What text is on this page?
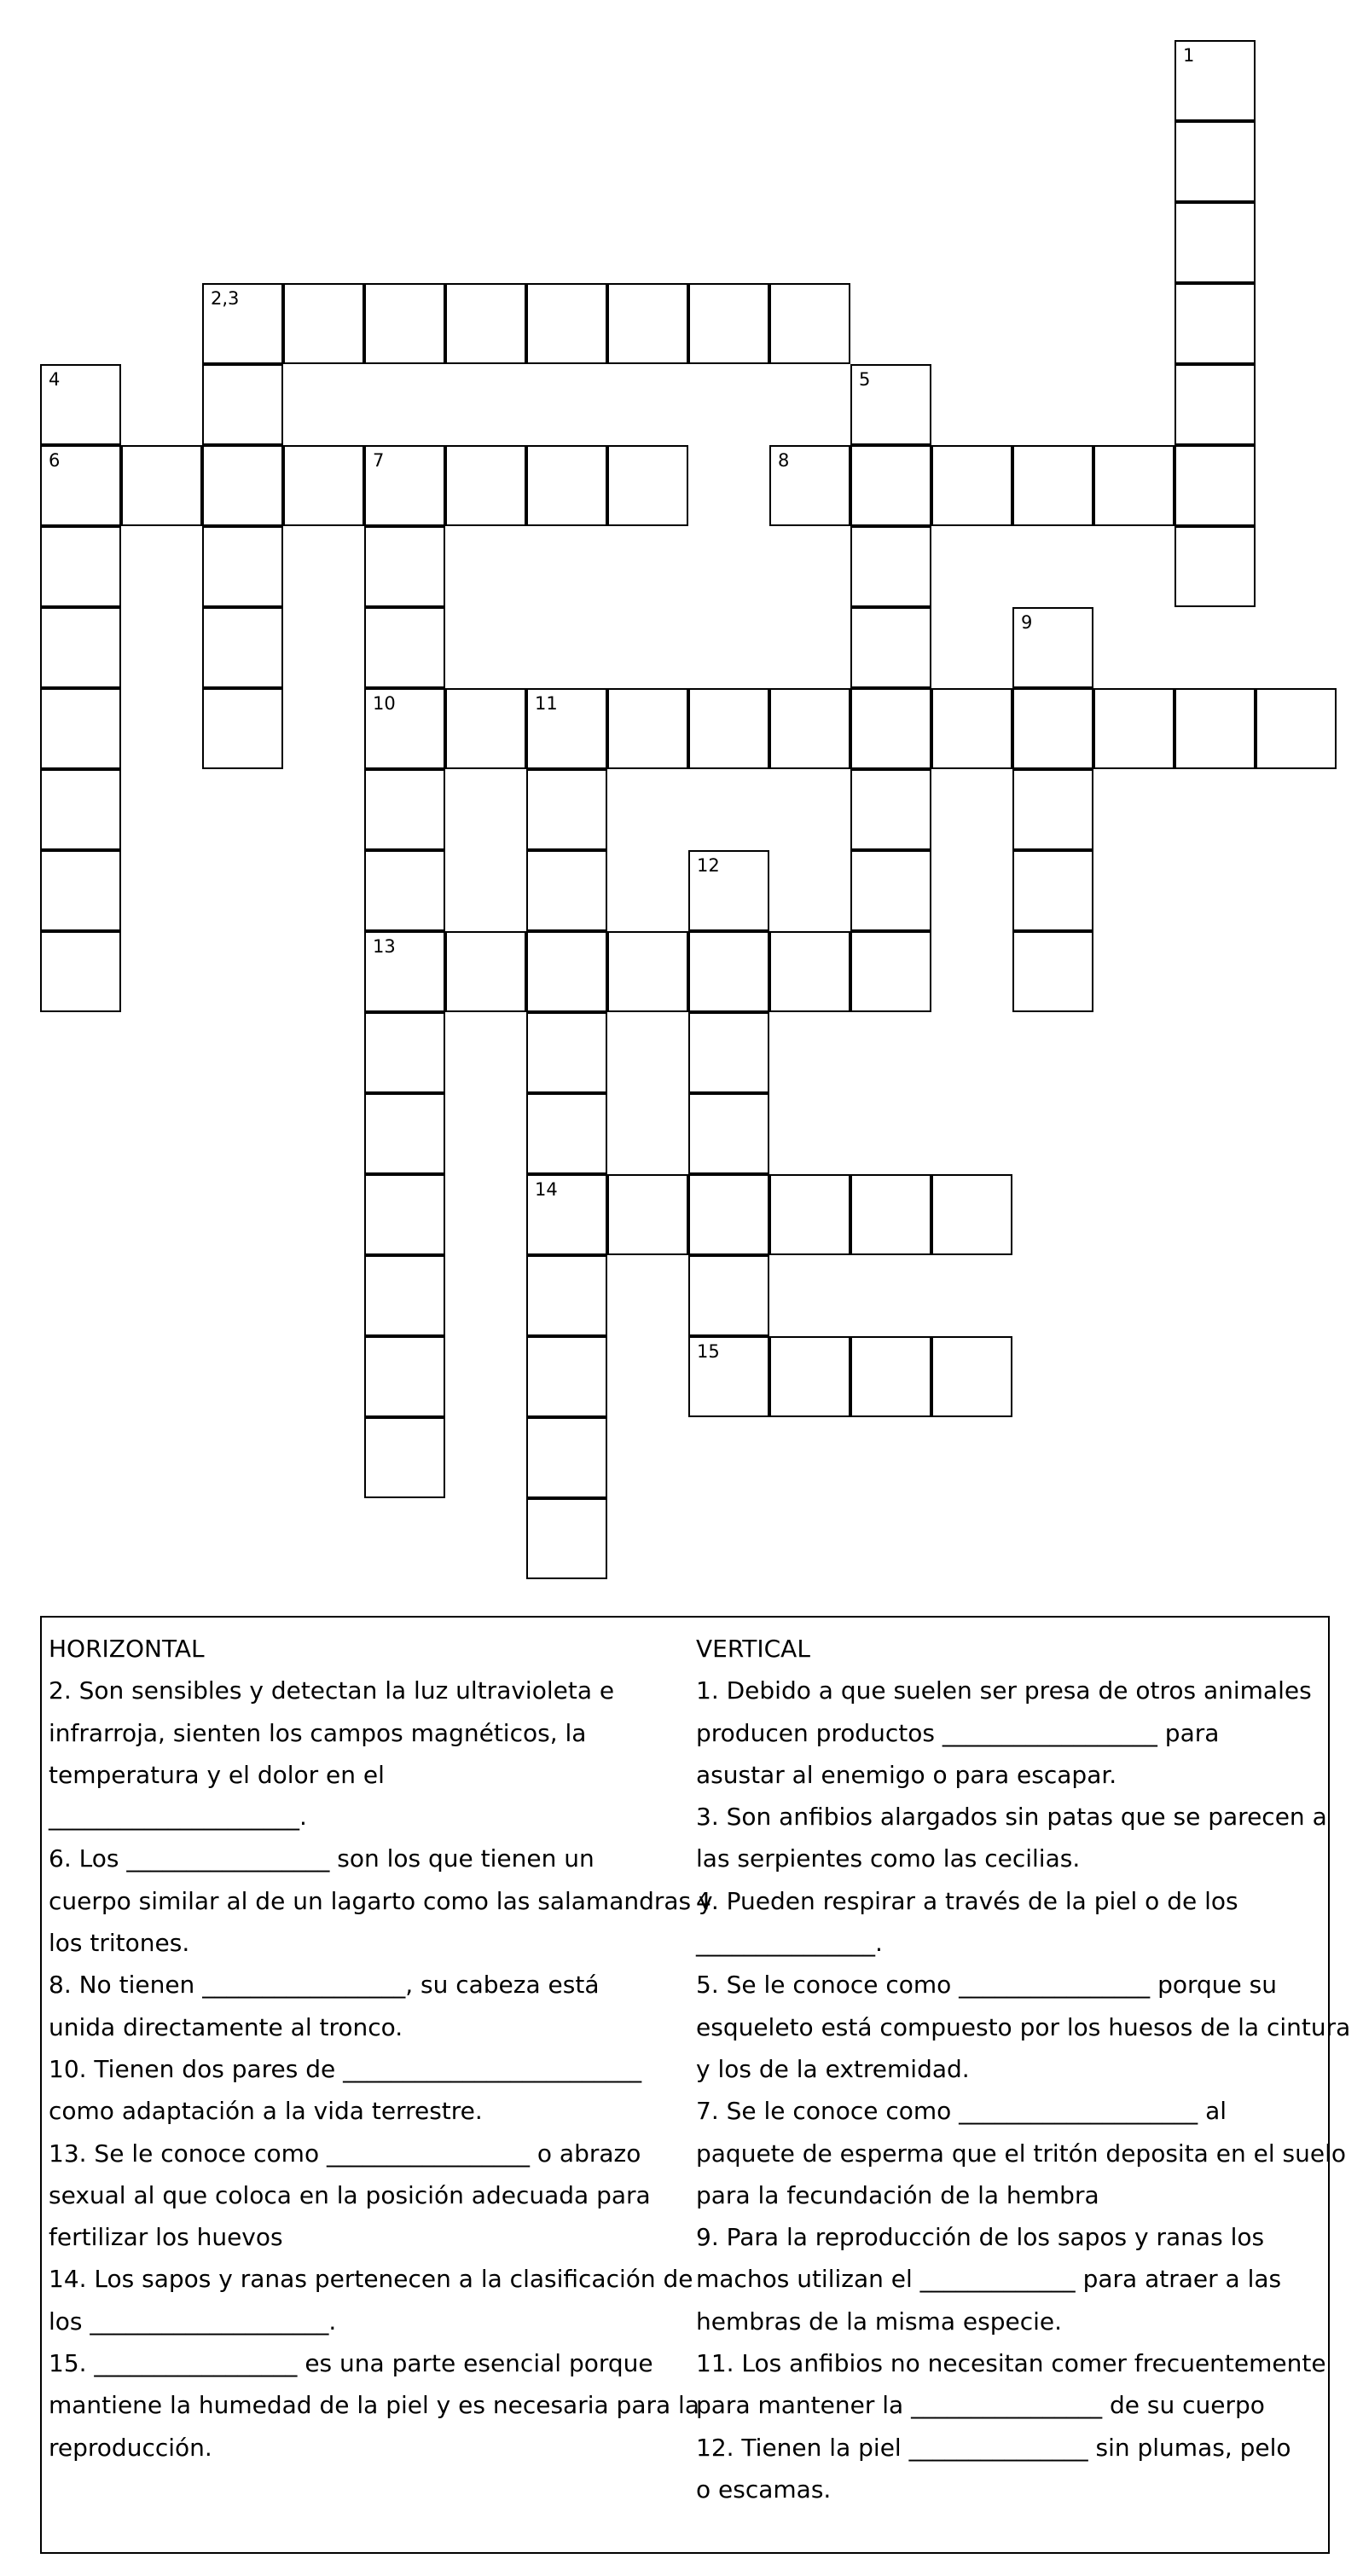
1
2,3
4
6
5
7
10
13
8
9
11
14
12
15
HORIZONTAL
2. Son sensibles y detectan la luz ultravioleta e
infrarroja, sienten los campos magnéticos, la
temperatura y el dolor en el
_____________________.
6. Los _________________ son los que tienen un
cuerpo similar al de un lagarto como las salamandras y
los tritones.
8. No tienen _________________, su cabeza está
unida directamente al tronco.
10. Tienen dos pares de _________________________
como adaptación a la vida terrestre.
13. Se le conoce como _________________ o abrazo
sexual al que coloca en la posición adecuada para
fertilizar los huevos
14. Los sapos y ranas pertenecen a la clasificación de
los ____________________.
15. _________________ es una parte esencial porque
mantiene la humedad de la piel y es necesaria para la
reproducción.
VERTICAL
1. Debido a que suelen ser presa de otros animales
producen productos __________________ para
asustar al enemigo o para escapar.
3. Son anfibios alargados sin patas que se parecen a
las serpientes como las cecilias.
4. Pueden respirar a través de la piel o de los
_______________.
5. Se le conoce como ________________ porque su
esqueleto está compuesto por los huesos de la cintura
y los de la extremidad.
7. Se le conoce como ____________________ al
paquete de esperma que el tritón deposita en el suelo
para la fecundación de la hembra
9. Para la reproducción de los sapos y ranas los
machos utilizan el _____________ para atraer a las
hembras de la misma especie.
11. Los anfibios no necesitan comer frecuentemente
para mantener la ________________ de su cuerpo
12. Tienen la piel _______________ sin plumas, pelo
o escamas.
